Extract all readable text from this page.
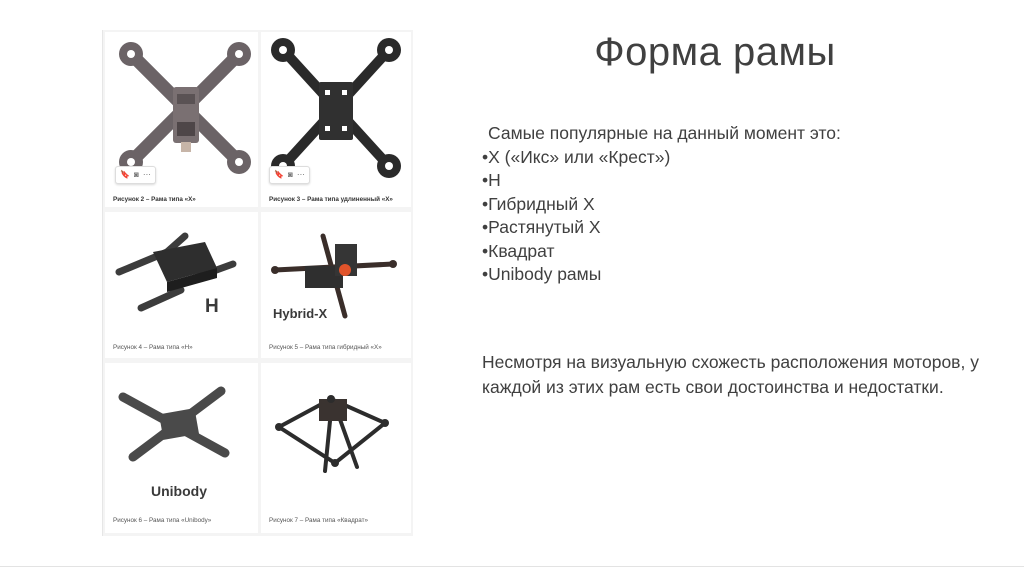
🔖 ◙ ⋯
Рисунок 2 – Рама типа «X»
🔖 ◙ ⋯
Рисунок 3 – Рама типа удлиненный «X»
H
Рисунок 4 – Рама типа «H»
Hybrid-X
Рисунок 5 – Рама типа гибридный «X»
Unibody
Рисунок 6 – Рама типа «Unibody»	Рисунок 7 – Рама типа «Квадрат»
Форма рамы
Самые популярные на данный момент это:
•X («Икс» или «Крест»)
•H
•Гибридный X
•Растянутый X
•Квадрат
•Unibody рамы
Несмотря на визуальную схожесть расположения моторов, у каждой из этих рам есть свои достоинства и недостатки.
